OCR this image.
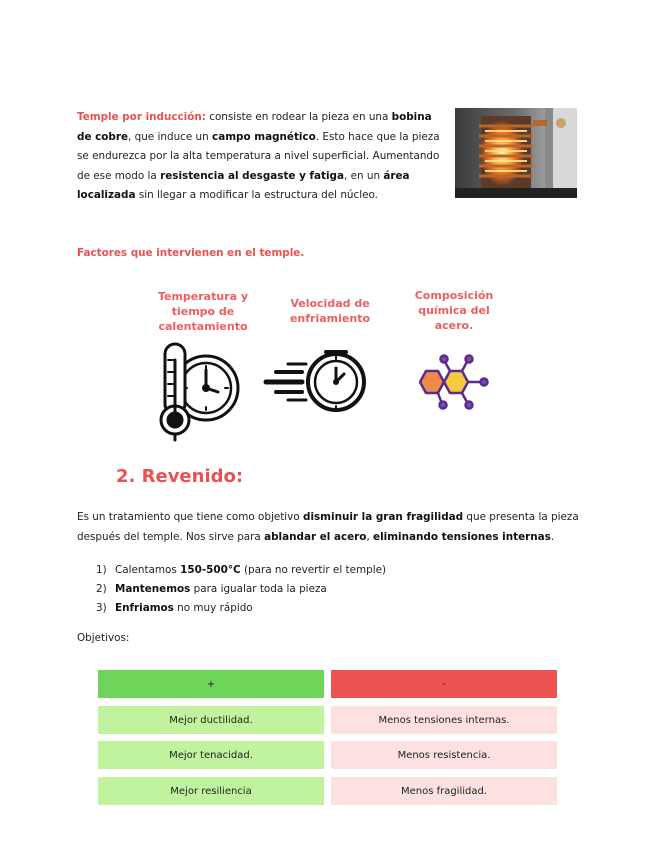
Temple por inducción: consiste en rodear la pieza en una bobina de cobre, que induce un campo magnético. Esto hace que la pieza se endurezca por la alta temperatura a nivel superficial. Aumentando de ese modo la resistencia al desgaste y fatiga, en un área localizada sin llegar a modificar la estructura del núcleo.
Factores que intervienen en el temple.
Temperatura y tiempo de calentamiento
Velocidad de enfriamiento
Composición química del acero.
2. Revenido:
Es un tratamiento que tiene como objetivo disminuir la gran fragilidad que presenta la pieza después del temple. Nos sirve para ablandar el acero, eliminando tensiones internas.
1) Calentamos 150-500°C (para no revertir el temple)
2) Mantenemos para igualar toda la pieza
3) Enfriamos no muy rápido
Objetivos:
+	-
Mejor ductilidad.	Menos tensiones internas.
Mejor tenacidad.	Menos resistencia.
Mejor resiliencia	Menos fragilidad.
